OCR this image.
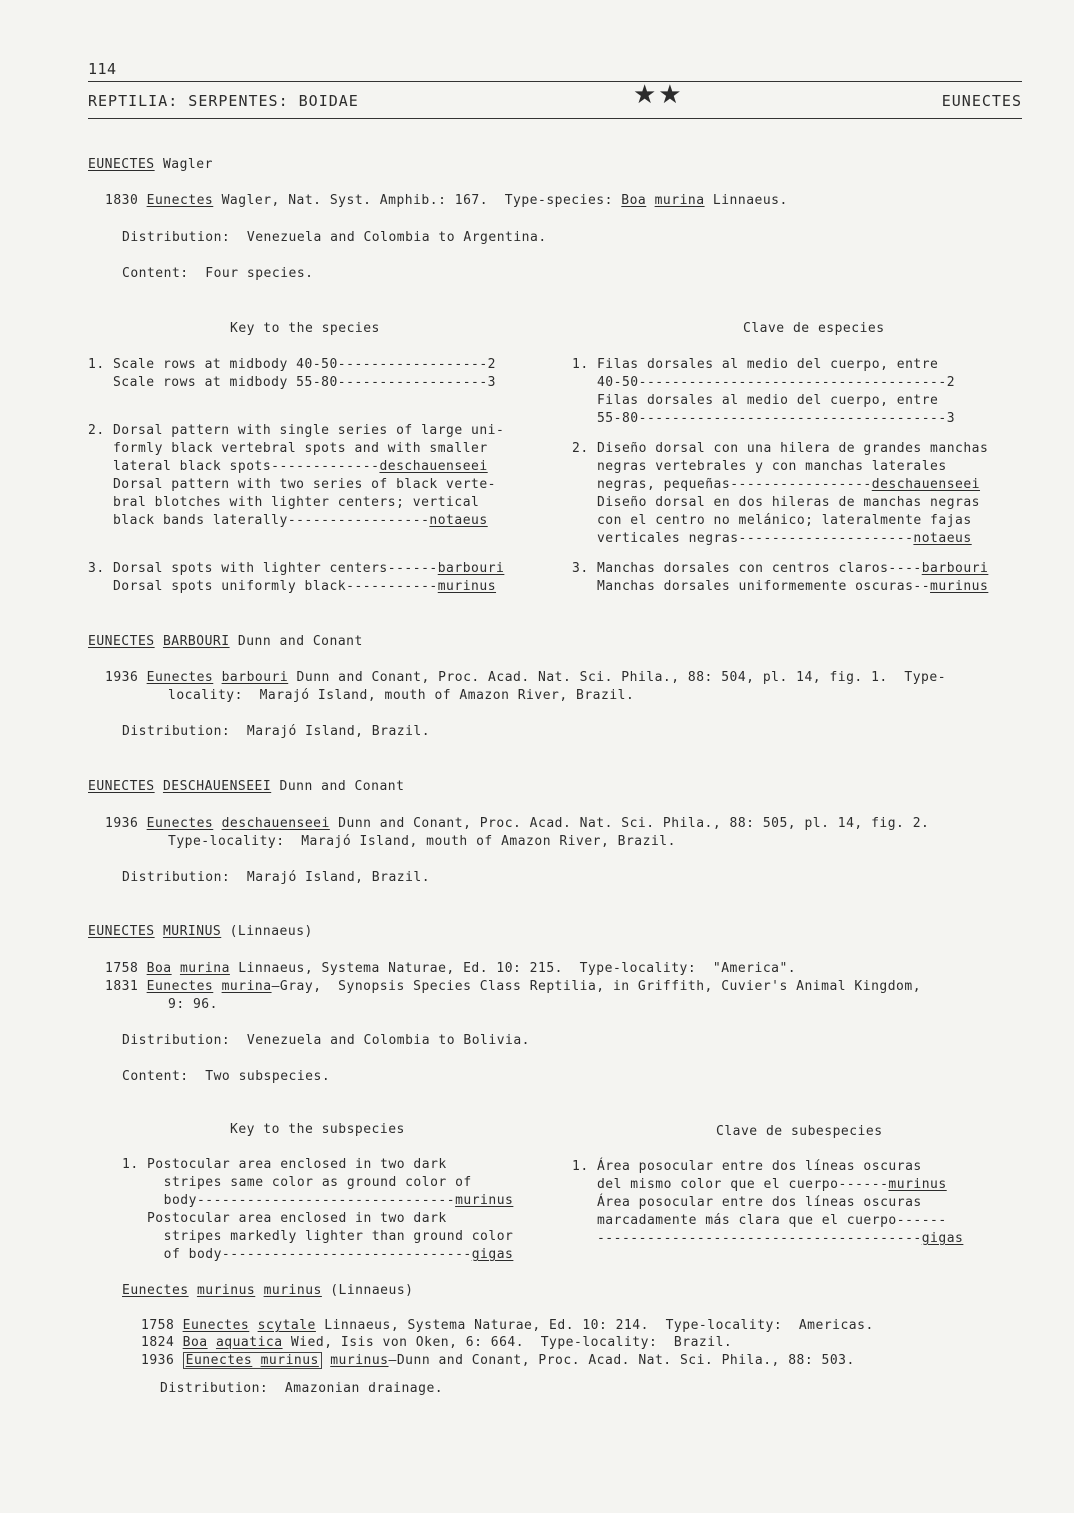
114
REPTILIA: SERPENTES: BOIDAE	★★	EUNECTES
EUNECTES Wagler
1830 Eunectes Wagler, Nat. Syst. Amphib.: 167.  Type-species: Boa murina Linnaeus.
Distribution:  Venezuela and Colombia to Argentina.
Content:  Four species.
Key to the species	Clave de especies
1. Scale rows at midbody 40-50------------------2
Scale rows at midbody 55-80------------------3
2. Dorsal pattern with single series of large uni-
formly black vertebral spots and with smaller
lateral black spots-------------deschauenseei
Dorsal pattern with two series of black verte-
bral blotches with lighter centers; vertical
black bands laterally-----------------notaeus
3. Dorsal spots with lighter centers------barbouri
Dorsal spots uniformly black-----------murinus
1. Filas dorsales al medio del cuerpo, entre
40-50-------------------------------------2
Filas dorsales al medio del cuerpo, entre
55-80-------------------------------------3
2. Diseño dorsal con una hilera de grandes manchas
negras vertebrales y con manchas laterales
negras, pequeñas-----------------deschauenseei
Diseño dorsal en dos hileras de manchas negras
con el centro no melánico; lateralmente fajas
verticales negras---------------------notaeus
3. Manchas dorsales con centros claros----barbouri
Manchas dorsales uniformemente oscuras--murinus
EUNECTES BARBOURI Dunn and Conant
1936 Eunectes barbouri Dunn and Conant, Proc. Acad. Nat. Sci. Phila., 88: 504, pl. 14, fig. 1.  Type-
locality:  Marajó Island, mouth of Amazon River, Brazil.
Distribution:  Marajó Island, Brazil.
EUNECTES DESCHAUENSEEI Dunn and Conant
1936 Eunectes deschauenseei Dunn and Conant, Proc. Acad. Nat. Sci. Phila., 88: 505, pl. 14, fig. 2.
Type-locality:  Marajó Island, mouth of Amazon River, Brazil.
Distribution:  Marajó Island, Brazil.
EUNECTES MURINUS (Linnaeus)
1758 Boa murina Linnaeus, Systema Naturae, Ed. 10: 215.  Type-locality:  "America".
1831 Eunectes murina—Gray,  Synopsis Species Class Reptilia, in Griffith, Cuvier's Animal Kingdom,
9: 96.
Distribution:  Venezuela and Colombia to Bolivia.
Content:  Two subspecies.
Key to the subspecies	Clave de subespecies
1. Postocular area enclosed in two dark
stripes same color as ground color of
body-------------------------------murinus
Postocular area enclosed in two dark
stripes markedly lighter than ground color
of body------------------------------gigas
1. Área posocular entre dos líneas oscuras
del mismo color que el cuerpo------murinus
Área posocular entre dos líneas oscuras
marcadamente más clara que el cuerpo------
---------------------------------------gigas
Eunectes murinus murinus (Linnaeus)
1758 Eunectes scytale Linnaeus, Systema Naturae, Ed. 10: 214.  Type-locality:  Americas.
1824 Boa aquatica Wied, Isis von Oken, 6: 664.  Type-locality:  Brazil.
1936 Eunectes murinus murinus—Dunn and Conant, Proc. Acad. Nat. Sci. Phila., 88: 503.
Distribution:  Amazonian drainage.
